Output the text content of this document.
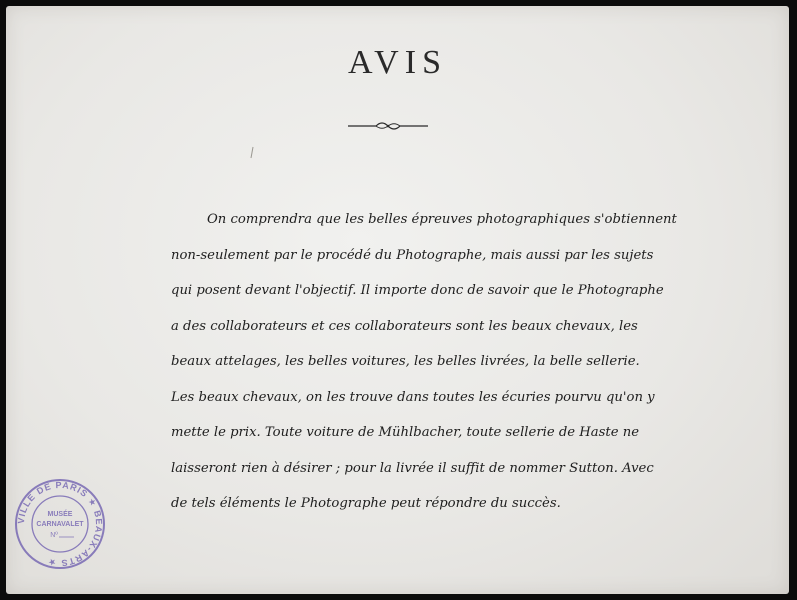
AVIS
On comprendra que les belles épreuves photographiques s'obtiennent
non-seulement par le procédé du Photographe, mais aussi par les sujets
qui posent devant l'objectif. Il importe donc de savoir que le Photographe
a des collaborateurs et ces collaborateurs sont les beaux chevaux, les
beaux attelages, les belles voitures, les belles livrées, la belle sellerie.
Les beaux chevaux, on les trouve dans toutes les écuries pourvu qu'on y
mette le prix. Toute voiture de Mühlbacher, toute sellerie de Haste ne
laisseront rien à désirer ; pour la livrée il suffit de nommer Sutton. Avec
de tels éléments le Photographe peut répondre du succès.
VILLE DE PARIS ★ BEAUX-ARTS ★
MUSÉE
CARNAVALET
Nº
